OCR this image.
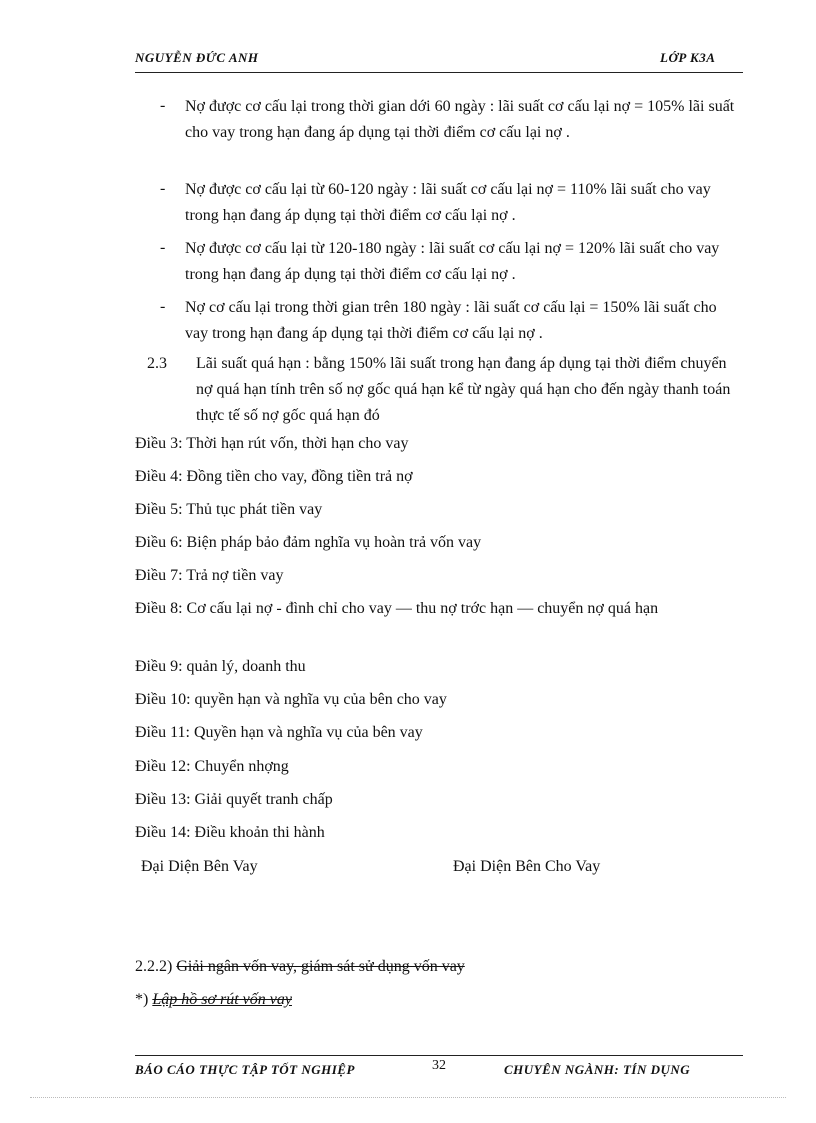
NGUYỄN ĐỨC ANH	LỚP K3A
- Nợ được cơ cấu lại trong thời gian dới 60 ngày : lãi suất cơ cấu lại nợ = 105% lãi suất cho vay trong hạn đang áp dụng tại thời điểm cơ cấu lại nợ .
- Nợ được cơ cấu lại từ 60-120 ngày : lãi suất cơ cấu lại nợ = 110% lãi suất cho vay trong hạn đang áp dụng tại thời điểm cơ cấu lại nợ .
- Nợ được cơ cấu lại từ 120-180 ngày : lãi suất cơ cấu lại nợ = 120% lãi suất cho vay trong hạn đang áp dụng tại thời điểm cơ cấu lại nợ .
- Nợ cơ cấu lại trong thời gian trên 180 ngày : lãi suất cơ cấu lại = 150% lãi suất cho vay trong hạn đang áp dụng tại thời điểm cơ cấu lại nợ .
2.3 Lãi suất quá hạn : bằng 150% lãi suất trong hạn đang áp dụng tại thời điểm chuyển nợ quá hạn tính trên số nợ gốc quá hạn kể từ ngày quá hạn cho đến ngày thanh toán thực tế số nợ gốc quá hạn đó
Điều 3: Thời hạn rút vốn, thời hạn cho vay
Điều 4: Đồng tiền cho vay, đồng tiền trả nợ
Điều 5: Thủ tục phát tiền vay
Điều 6: Biện pháp bảo đảm nghĩa vụ hoàn trả vốn vay
Điều 7: Trả nợ tiền vay
Điều 8: Cơ cấu lại nợ - đình chỉ cho vay — thu nợ trớc hạn — chuyển nợ quá hạn
Điều 9: quản lý, doanh thu
Điều 10: quyền hạn và nghĩa vụ của bên cho vay
Điều 11: Quyền hạn và nghĩa vụ của bên vay
Điều 12: Chuyển nhợng
Điều 13: Giải quyết tranh chấp
Điều 14: Điều khoản thi hành
Đại Diện Bên Vay	Đại Diện Bên Cho Vay
2.2.2) Giải ngân vốn vay, giám sát sử dụng vốn vay
*) Lập hồ sơ rút vốn vay
BÁO CÁO THỰC TẬP TỐT NGHIỆP	32	CHUYÊN NGÀNH: TÍN DỤNG
